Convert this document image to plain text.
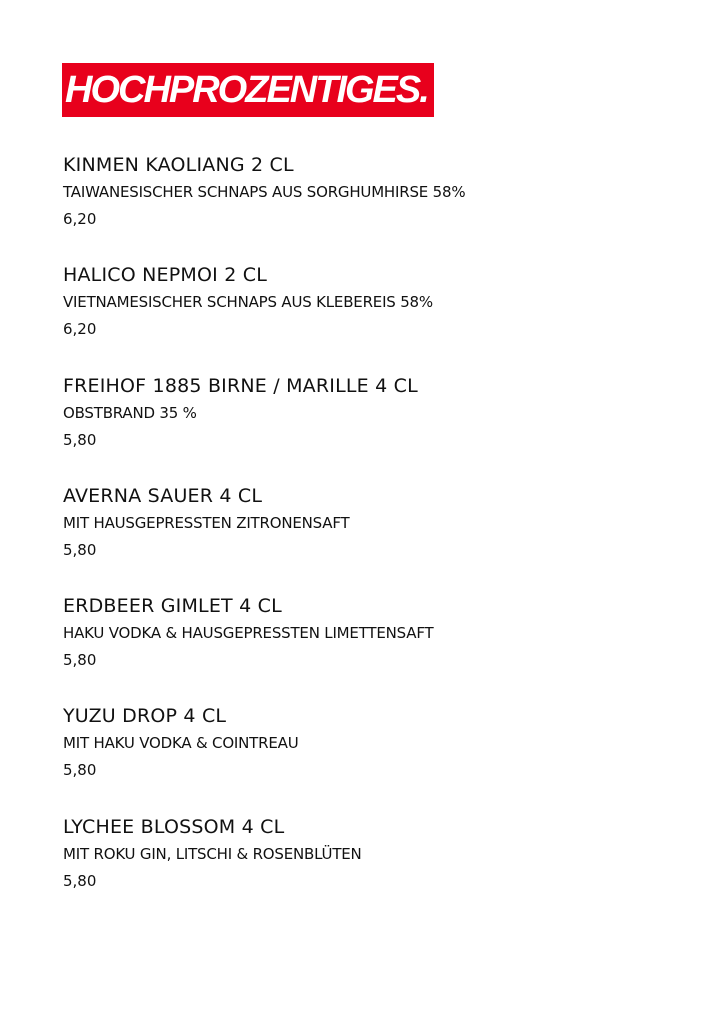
HOCHPROZENTIGES.
KINMEN KAOLIANG 2 CL
TAIWANESISCHER SCHNAPS AUS SORGHUMHIRSE 58%
6,20
HALICO NEPMOI 2 CL
VIETNAMESISCHER SCHNAPS AUS KLEBEREIS 58%
6,20
FREIHOF 1885 BIRNE / MARILLE 4 CL
OBSTBRAND 35 %
5,80
AVERNA SAUER 4 CL
MIT HAUSGEPRESSTEN ZITRONENSAFT
5,80
ERDBEER GIMLET 4 CL
HAKU VODKA & HAUSGEPRESSTEN LIMETTENSAFT
5,80
YUZU DROP 4 CL
MIT HAKU VODKA & COINTREAU
5,80
LYCHEE BLOSSOM 4 CL
MIT ROKU GIN, LITSCHI & ROSENBLÜTEN
5,80
